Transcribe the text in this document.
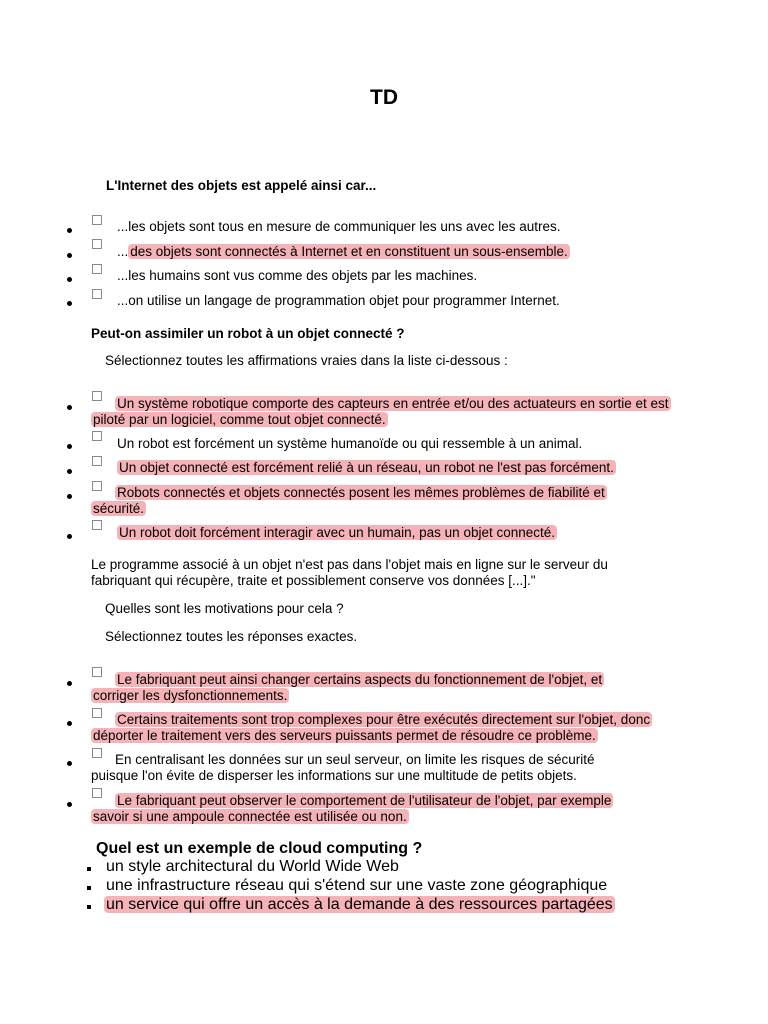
TD
L'Internet des objets est appelé ainsi car...
...les objets sont tous en mesure de communiquer les uns avec les autres.
... des objets sont connectés à Internet et en constituent un sous-ensemble.
...les humains sont vus comme des objets par les machines.
...on utilise un langage de programmation objet pour programmer Internet.
Peut-on assimiler un robot à un objet connecté ?
Sélectionnez toutes les affirmations vraies dans la liste ci-dessous :
Un système robotique comporte des capteurs en entrée et/ou des actuateurs en sortie et est piloté par un logiciel, comme tout objet connecté.
Un robot est forcément un système humanoïde ou qui ressemble à un animal.
Un objet connecté est forcément relié à un réseau, un robot ne l'est pas forcément.
Robots connectés et objets connectés posent les mêmes problèmes de fiabilité et sécurité.
Un robot doit forcément interagir avec un humain, pas un objet connecté.
Le programme associé à un objet n'est pas dans l'objet mais en ligne sur le serveur du fabriquant qui récupère, traite et possiblement conserve vos données [...]."
Quelles sont les motivations pour cela ?
Sélectionnez toutes les réponses exactes.
Le fabriquant peut ainsi changer certains aspects du fonctionnement de l'objet, et corriger les dysfonctionnements.
Certains traitements sont trop complexes pour être exécutés directement sur l'objet, donc déporter le traitement vers des serveurs puissants permet de résoudre ce problème.
En centralisant les données sur un seul serveur, on limite les risques de sécurité puisque l'on évite de disperser les informations sur une multitude de petits objets.
Le fabriquant peut observer le comportement de l'utilisateur de l'objet, par exemple savoir si une ampoule connectée est utilisée ou non.
Quel est un exemple de cloud computing ?
un style architectural du World Wide Web
une infrastructure réseau qui s'étend sur une vaste zone géographique
un service qui offre un accès à la demande à des ressources partagées
